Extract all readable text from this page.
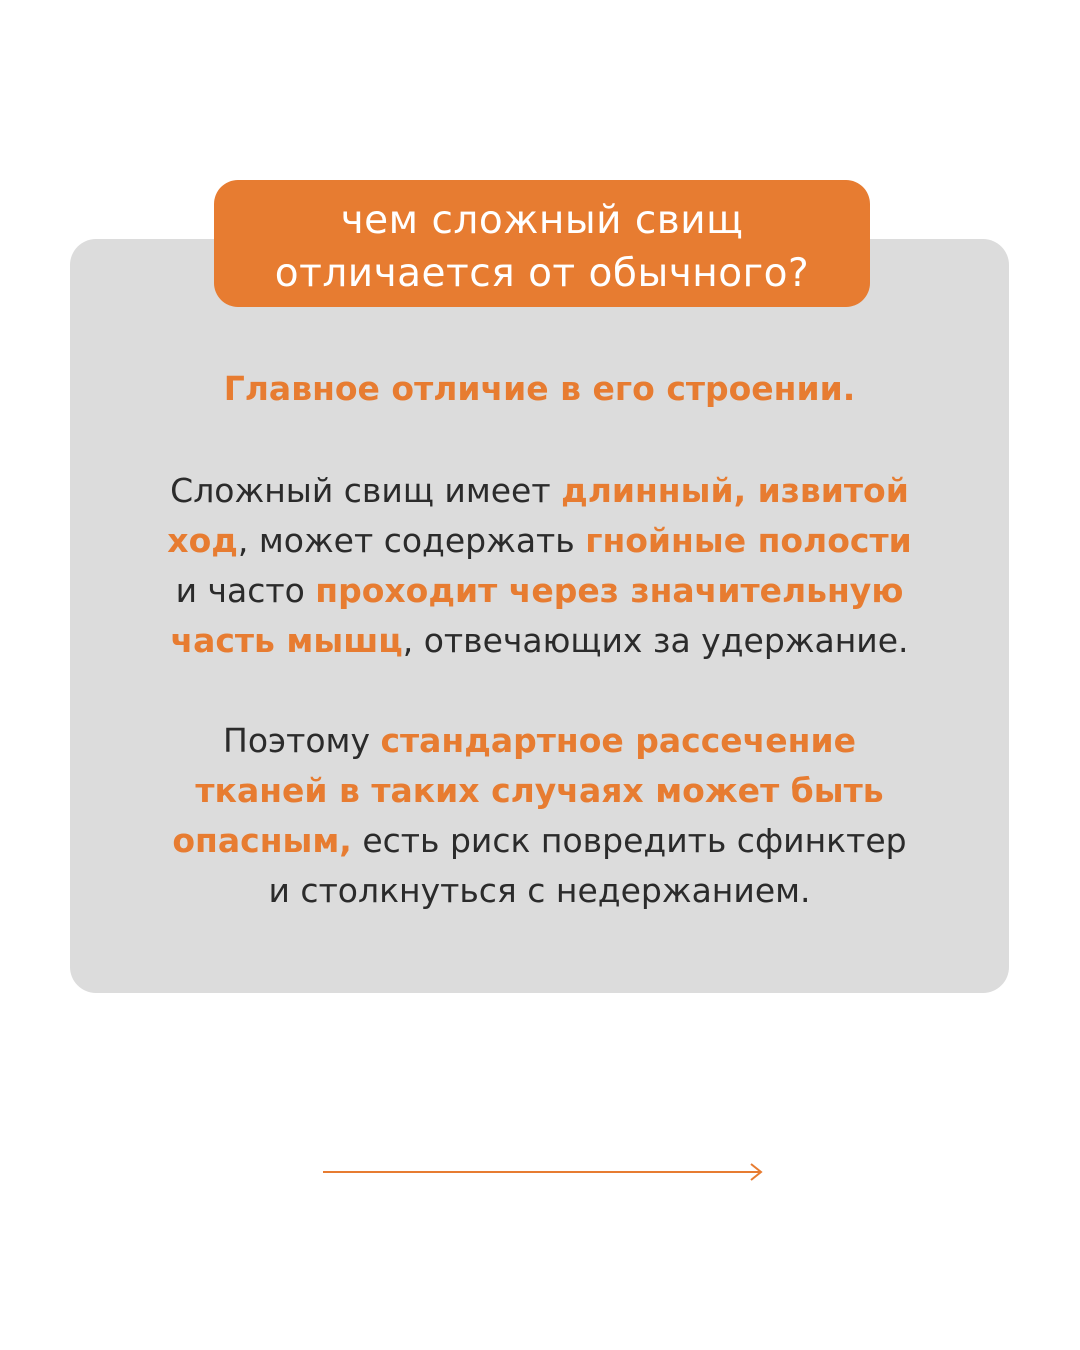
чем сложный свищ
отличается от обычного?
Главное отличие в его строении.
Сложный свищ имеет длинный, извитой
ход, может содержать гнойные полости
и часто проходит через значительную
часть мышц, отвечающих за удержание.
Поэтому стандартное рассечение
тканей в таких случаях может быть
опасным, есть риск повредить сфинктер
и столкнуться с недержанием.
